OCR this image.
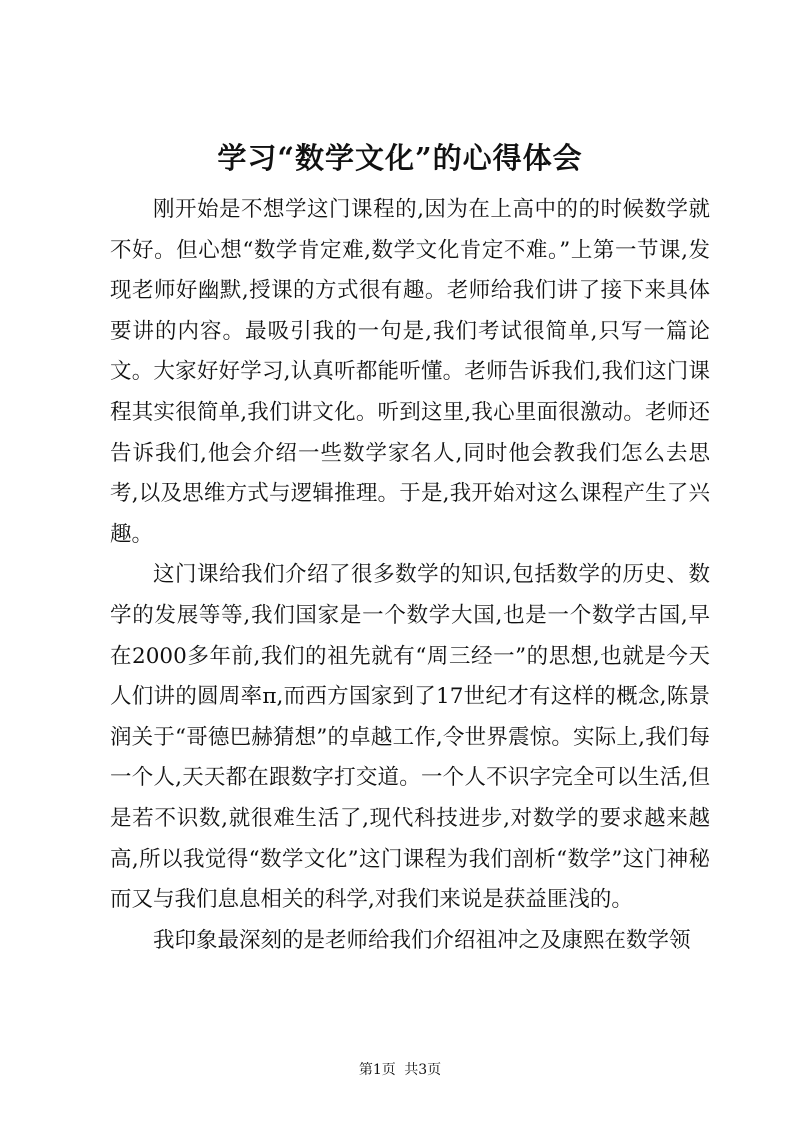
学习“数学文化”的心得体会

刚开始是不想学这门课程的,因为在上高中的的时候数学就不好。但心想“数学肯定难,数学文化肯定不难。”上第一节课,发现老师好幽默,授课的方式很有趣。老师给我们讲了接下来具体要讲的内容。最吸引我的一句是,我们考试很简单,只写一篇论文。大家好好学习,认真听都能听懂。老师告诉我们,我们这门课程其实很简单,我们讲文化。听到这里,我心里面很激动。老师还告诉我们,他会介绍一些数学家名人,同时他会教我们怎么去思考,以及思维方式与逻辑推理。于是,我开始对这么课程产生了兴趣。

这门课给我们介绍了很多数学的知识,包括数学的历史、数学的发展等等,我们国家是一个数学大国,也是一个数学古国,早在2000多年前,我们的祖先就有“周三经一”的思想,也就是今天人们讲的圆周率π,而西方国家到了17世纪才有这样的概念,陈景润关于“哥德巴赫猜想”的卓越工作,令世界震惊。实际上,我们每一个人,天天都在跟数字打交道。一个人不识字完全可以生活,但是若不识数,就很难生活了,现代科技进步,对数学的要求越来越高,所以我觉得“数学文化”这门课程为我们剖析“数学”这门神秘而又与我们息息相关的科学,对我们来说是获益匪浅的。

我印象最深刻的是老师给我们介绍祖冲之及康熙在数学领

第1页 共3页
